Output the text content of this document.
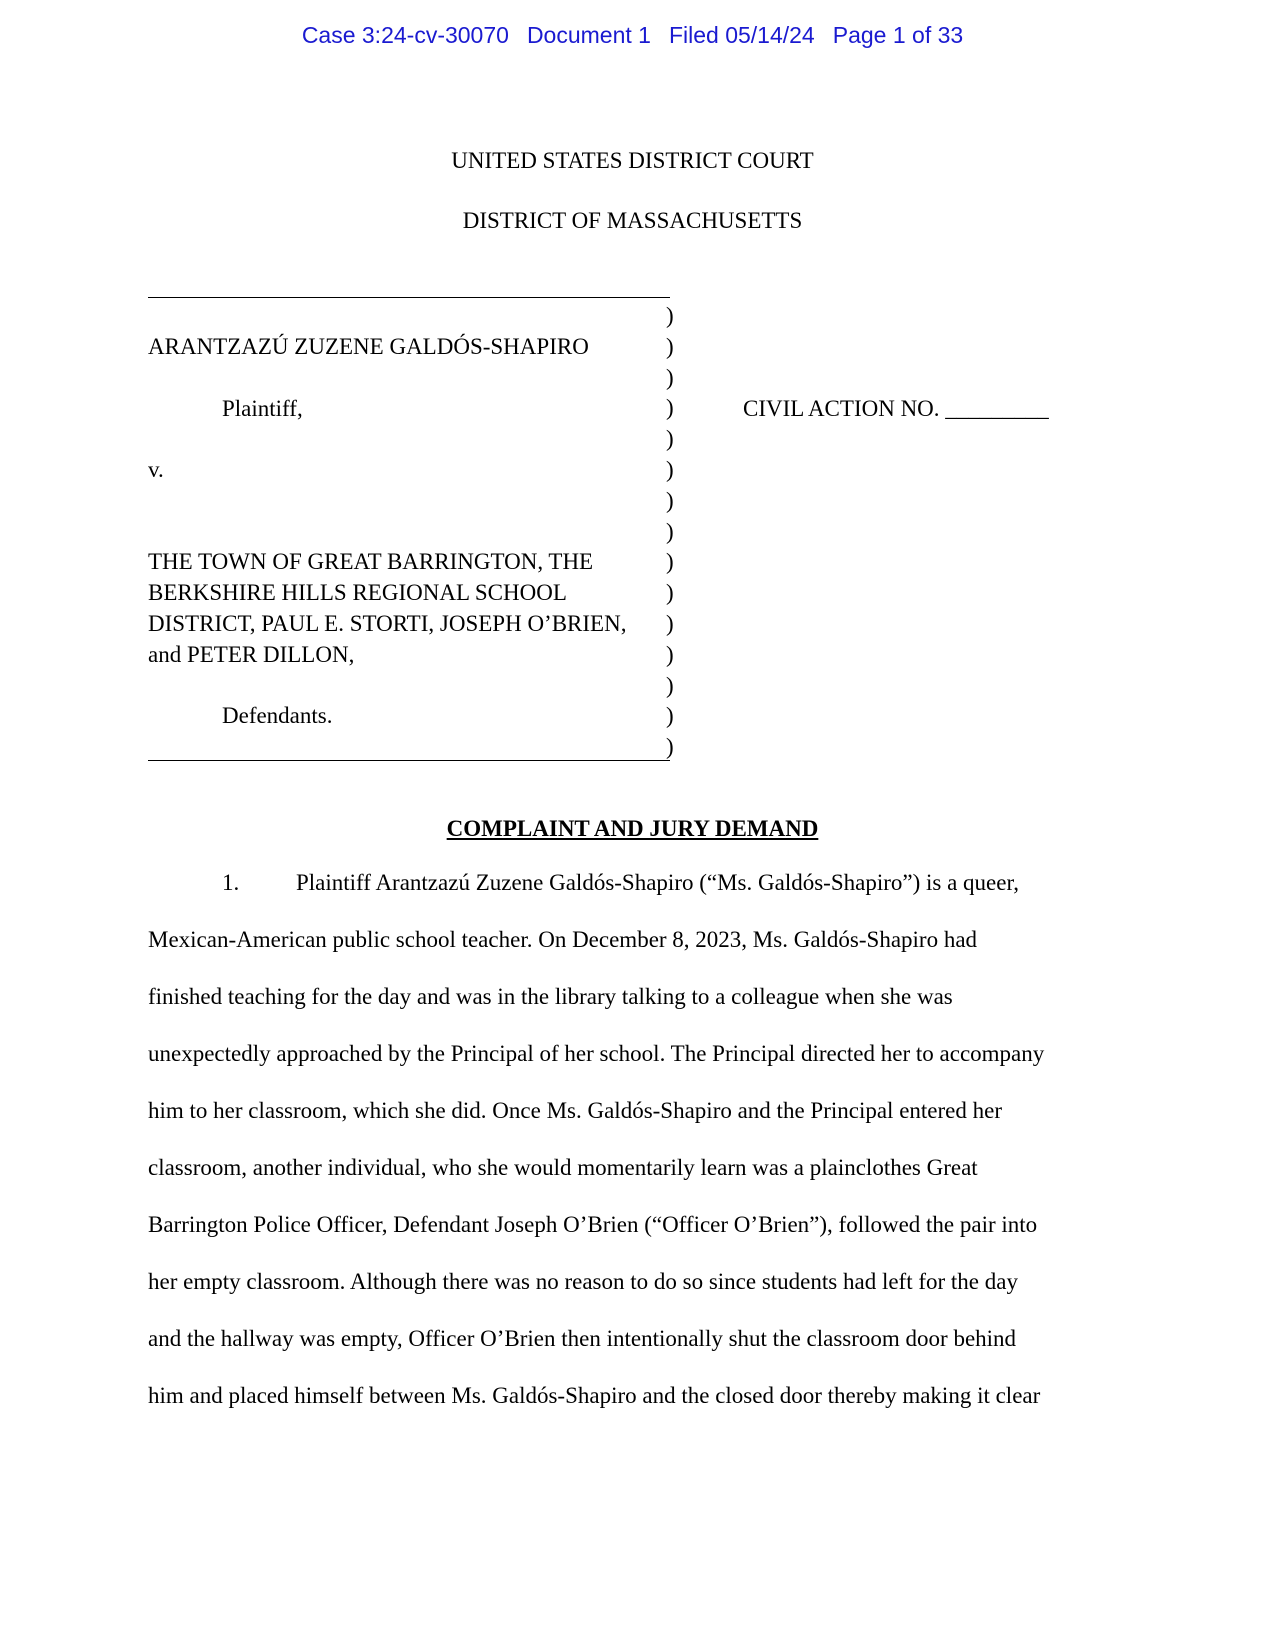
Case 3:24-cv-30070 Document 1 Filed 05/14/24 Page 1 of 33
UNITED STATES DISTRICT COURT
DISTRICT OF MASSACHUSETTS
ARANTZAZÚ ZUZENE GALDÓS-SHAPIRO
Plaintiff,
v.
THE TOWN OF GREAT BARRINGTON, THE
BERKSHIRE HILLS REGIONAL SCHOOL
DISTRICT, PAUL E. STORTI, JOSEPH O’BRIEN,
and PETER DILLON,
Defendants.
)
)
)
)
)
)
)
)
)
)
)
)
)
)
)
CIVIL ACTION NO. _________
COMPLAINT AND JURY DEMAND
1. Plaintiff Arantzazú Zuzene Galdós-Shapiro (“Ms. Galdós-Shapiro”) is a queer,
Mexican-American public school teacher. On December 8, 2023, Ms. Galdós-Shapiro had
finished teaching for the day and was in the library talking to a colleague when she was
unexpectedly approached by the Principal of her school. The Principal directed her to accompany
him to her classroom, which she did. Once Ms. Galdós-Shapiro and the Principal entered her
classroom, another individual, who she would momentarily learn was a plainclothes Great
Barrington Police Officer, Defendant Joseph O’Brien (“Officer O’Brien”), followed the pair into
her empty classroom. Although there was no reason to do so since students had left for the day
and the hallway was empty, Officer O’Brien then intentionally shut the classroom door behind
him and placed himself between Ms. Galdós-Shapiro and the closed door thereby making it clear
